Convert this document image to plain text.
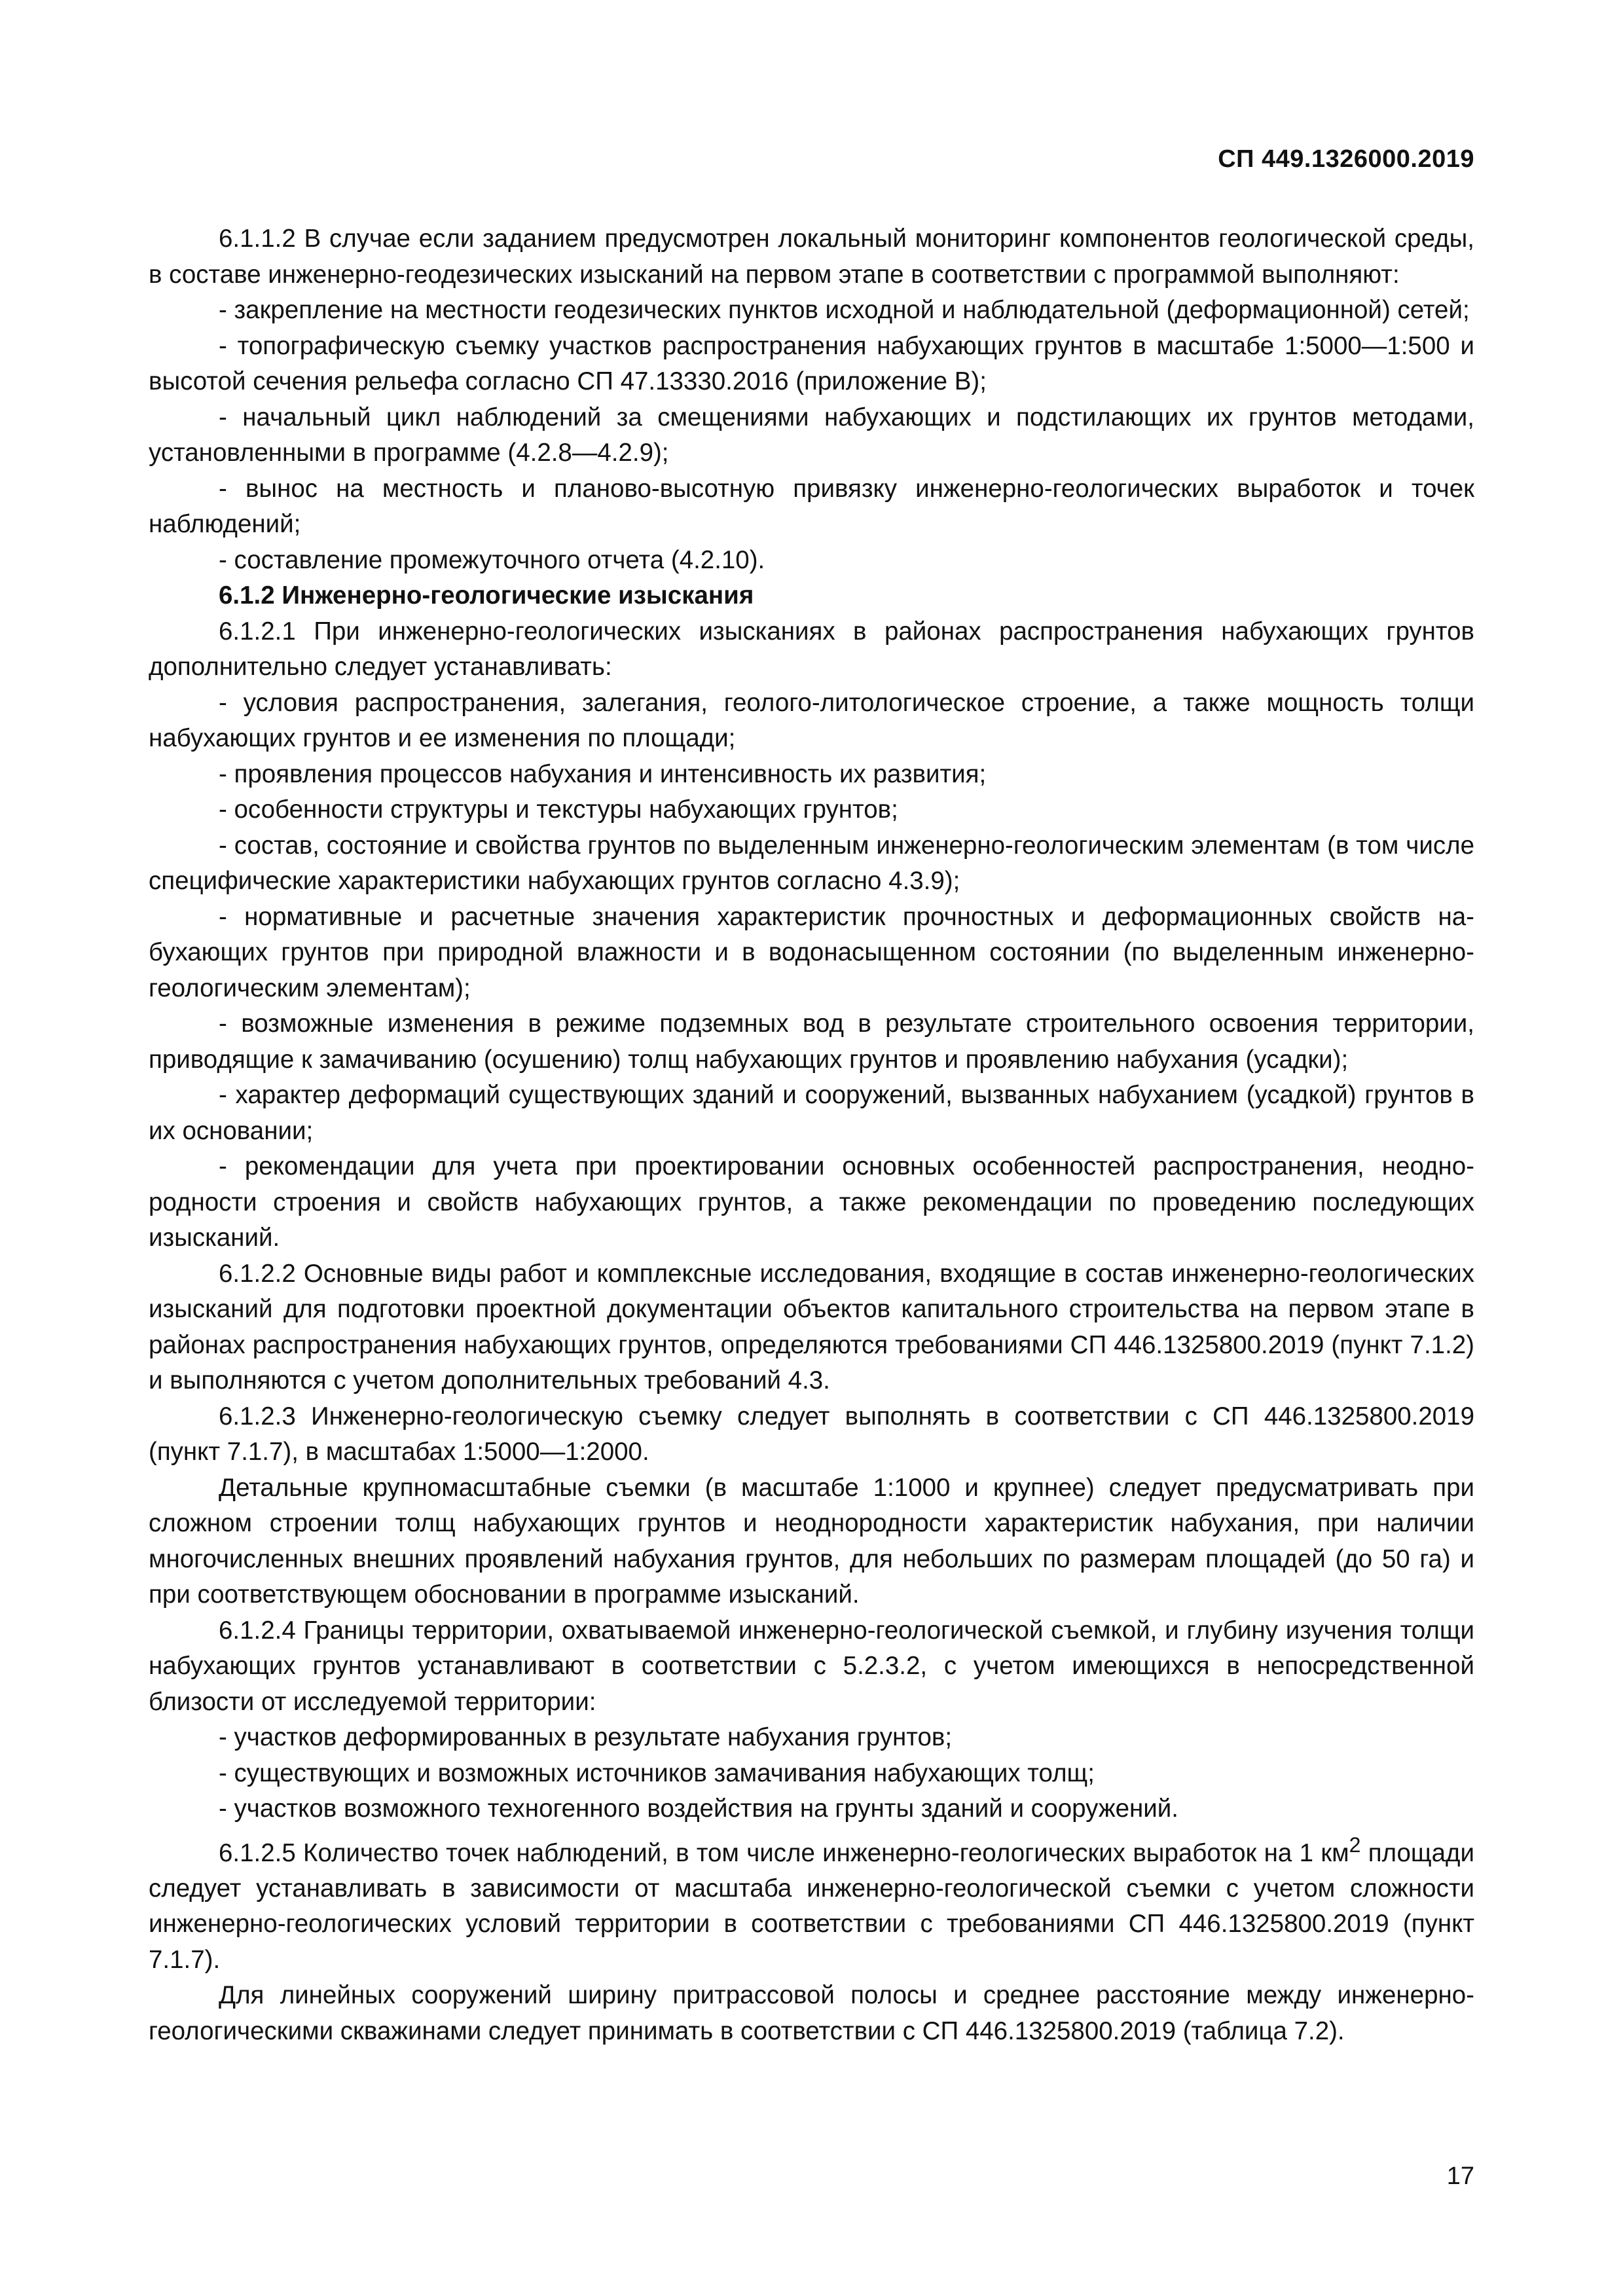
СП 449.1326000.2019

6.1.1.2 В случае если заданием предусмотрен локальный мониторинг компонентов геологической среды, в составе инженерно-геодезических изысканий на первом этапе в соответствии с программой выполняют:

- закрепление на местности геодезических пунктов исходной и наблюдательной (деформационной) сетей;

- топографическую съемку участков распространения набухающих грунтов в масштабе 1:5000—1:500 и высотой сечения рельефа согласно СП 47.13330.2016 (приложение В);

- начальный цикл наблюдений за смещениями набухающих и подстилающих их грунтов методами, установленными в программе (4.2.8—4.2.9);

- вынос на местность и планово-высотную привязку инженерно-геологических выработок и точек наблюдений;

- составление промежуточного отчета (4.2.10).

6.1.2 Инженерно-геологические изыскания

6.1.2.1 При инженерно-геологических изысканиях в районах распространения набухающих грунтов дополнительно следует устанавливать:

- условия распространения, залегания, геолого-литологическое строение, а также мощность толщи набухающих грунтов и ее изменения по площади;

- проявления процессов набухания и интенсивность их развития;

- особенности структуры и текстуры набухающих грунтов;

- состав, состояние и свойства грунтов по выделенным инженерно-геологическим элементам (в том числе специфические характеристики набухающих грунтов согласно 4.3.9);

- нормативные и расчетные значения характеристик прочностных и деформационных свойств набухающих грунтов при природной влажности и в водонасыщенном состоянии (по выделенным инженерно-геологическим элементам);

- возможные изменения в режиме подземных вод в результате строительного освоения территории, приводящие к замачиванию (осушению) толщ набухающих грунтов и проявлению набухания (усадки);

- характер деформаций существующих зданий и сооружений, вызванных набуханием (усадкой) грунтов в их основании;

- рекомендации для учета при проектировании основных особенностей распространения, неоднородности строения и свойств набухающих грунтов, а также рекомендации по проведению последующих изысканий.

6.1.2.2 Основные виды работ и комплексные исследования, входящие в состав инженерно-геологических изысканий для подготовки проектной документации объектов капитального строительства на первом этапе в районах распространения набухающих грунтов, определяются требованиями СП 446.1325800.2019 (пункт 7.1.2) и выполняются с учетом дополнительных требований 4.3.

6.1.2.3 Инженерно-геологическую съемку следует выполнять в соответствии с СП 446.1325800.2019 (пункт 7.1.7), в масштабах 1:5000—1:2000.

Детальные крупномасштабные съемки (в масштабе 1:1000 и крупнее) следует предусматривать при сложном строении толщ набухающих грунтов и неоднородности характеристик набухания, при наличии многочисленных внешних проявлений набухания грунтов, для небольших по размерам площадей (до 50 га) и при соответствующем обосновании в программе изысканий.

6.1.2.4 Границы территории, охватываемой инженерно-геологической съемкой, и глубину изучения толщи набухающих грунтов устанавливают в соответствии с 5.2.3.2, с учетом имеющихся в непосредственной близости от исследуемой территории:

- участков деформированных в результате набухания грунтов;

- существующих и возможных источников замачивания набухающих толщ;

- участков возможного техногенного воздействия на грунты зданий и сооружений.

6.1.2.5 Количество точек наблюдений, в том числе инженерно-геологических выработок на 1 $км^2$ площади следует устанавливать в зависимости от масштаба инженерно-геологической съемки с учетом сложности инженерно-геологических условий территории в соответствии с требованиями СП 446.1325800.2019 (пункт 7.1.7).

Для линейных сооружений ширину притрассовой полосы и среднее расстояние между инженерно-геологическими скважинами следует принимать в соответствии с СП 446.1325800.2019 (таблица 7.2).

17
